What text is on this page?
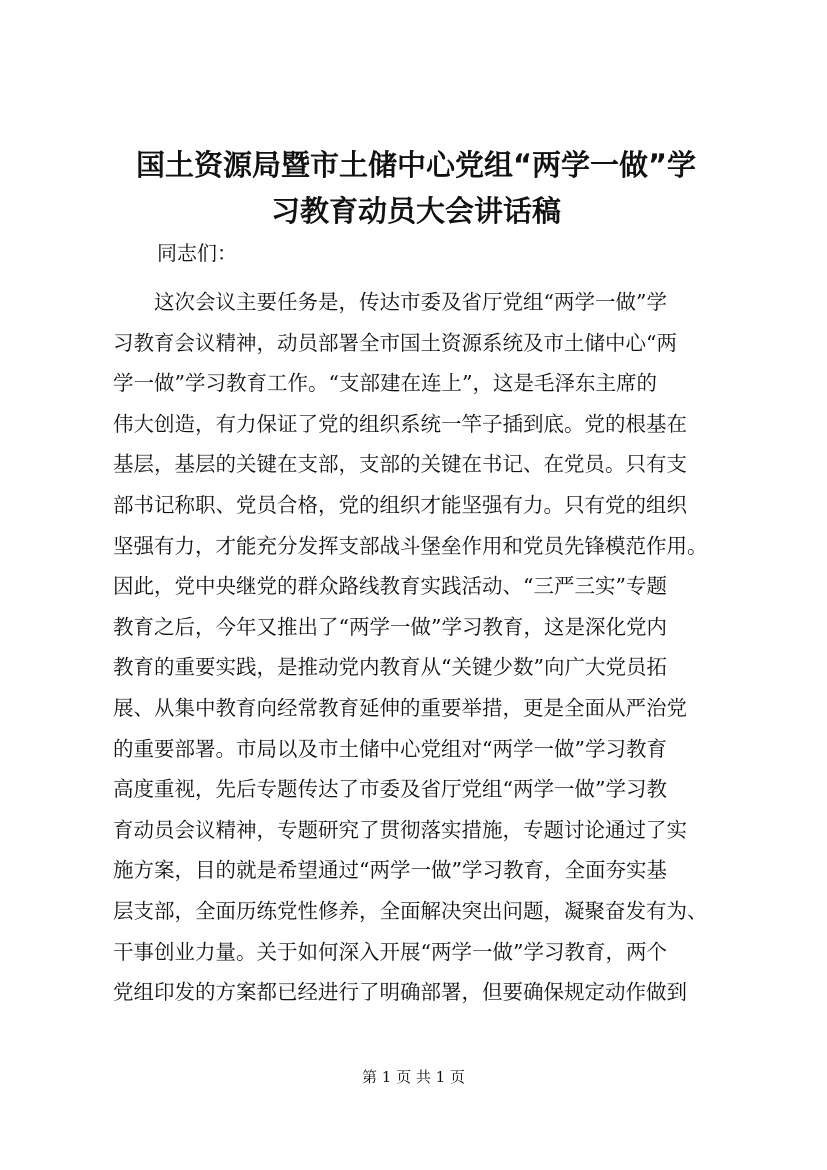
国土资源局暨市土储中心党组“两学一做”学
习教育动员大会讲话稿

同志们：

　　这次会议主要任务是，传达市委及省厅党组“两学一做”学
习教育会议精神，动员部署全市国土资源系统及市土储中心“两
学一做”学习教育工作。“支部建在连上”，这是毛泽东主席的
伟大创造，有力保证了党的组织系统一竿子插到底。党的根基在
基层，基层的关键在支部，支部的关键在书记、在党员。只有支
部书记称职、党员合格，党的组织才能坚强有力。只有党的组织
坚强有力，才能充分发挥支部战斗堡垒作用和党员先锋模范作用。
因此，党中央继党的群众路线教育实践活动、“三严三实”专题
教育之后，今年又推出了“两学一做”学习教育，这是深化党内
教育的重要实践，是推动党内教育从“关键少数”向广大党员拓
展、从集中教育向经常教育延伸的重要举措，更是全面从严治党
的重要部署。市局以及市土储中心党组对“两学一做”学习教育
高度重视，先后专题传达了市委及省厅党组“两学一做”学习教
育动员会议精神，专题研究了贯彻落实措施，专题讨论通过了实
施方案，目的就是希望通过“两学一做”学习教育，全面夯实基
层支部，全面历练党性修养，全面解决突出问题，凝聚奋发有为、
干事创业力量。关于如何深入开展“两学一做”学习教育，两个
党组印发的方案都已经进行了明确部署，但要确保规定动作做到

第 1 页 共 1 页
